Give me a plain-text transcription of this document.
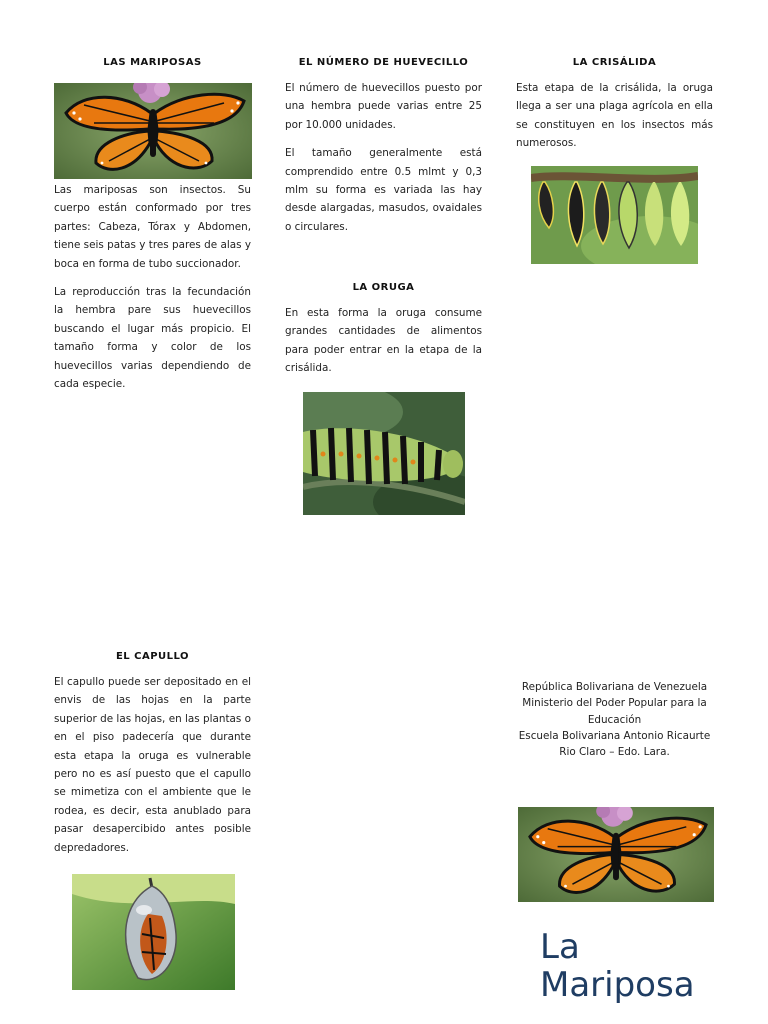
LAS MARIPOSAS

Las mariposas son insectos. Su cuerpo están conformado por tres partes: Cabeza, Tórax y Abdomen, tiene seis patas y tres pares de alas y boca en forma de tubo succionador.

La reproducción tras la fecundación la hembra pare sus huevecillos buscando el lugar más propicio. El tamaño forma y color de los huevecillos varias dependiendo de cada especie.

EL NÚMERO DE HUEVECILLO

El número de huevecillos puesto por una hembra puede varias entre 25 por 10.000 unidades.

El tamaño generalmente está comprendido entre 0.5 mlmt y 0,3 mlm su forma es variada las hay desde alargadas, masudos, ovaidales o circulares.

LA ORUGA

En esta forma la oruga consume grandes cantidades de alimentos para poder entrar en la etapa de la crisálida.

LA CRISÁLIDA

Esta etapa de la crisálida, la oruga llega a ser una plaga agrícola en ella se constituyen en los insectos más numerosos.

EL CAPULLO

El capullo puede ser depositado en el envis de las hojas en la parte superior de las hojas, en las plantas o en el piso padecería que durante esta etapa la oruga es vulnerable pero no es así puesto que el capullo se mimetiza con el ambiente que le rodea, es decir, esta anublado para pasar desapercibido antes posible depredadores.

República Bolivariana de Venezuela

Ministerio del Poder Popular para la Educación

Escuela Bolivariana Antonio Ricaurte

Rio Claro – Edo. Lara.

La
Mariposa
